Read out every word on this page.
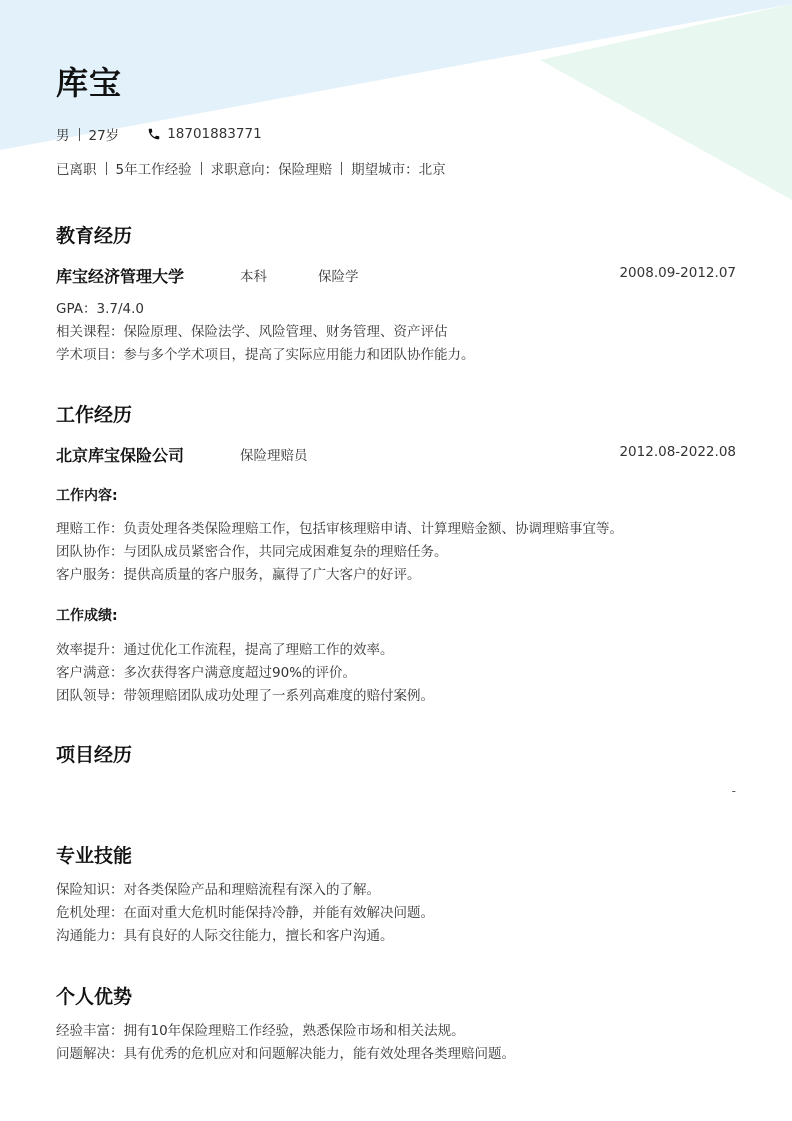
库宝
男 27岁	18701883771
已离职 5年工作经验 求职意向：保险理赔 期望城市：北京
教育经历
库宝经济管理大学	本科	保险学	2008.09-2012.07
GPA：3.7/4.0
相关课程：保险原理、保险法学、风险管理、财务管理、资产评估
学术项目：参与多个学术项目，提高了实际应用能力和团队协作能力。
工作经历
北京库宝保险公司	保险理赔员	2012.08-2022.08
工作内容:
理赔工作：负责处理各类保险理赔工作，包括审核理赔申请、计算理赔金额、协调理赔事宜等。
团队协作：与团队成员紧密合作，共同完成困难复杂的理赔任务。
客户服务：提供高质量的客户服务，赢得了广大客户的好评。
工作成绩:
效率提升：通过优化工作流程，提高了理赔工作的效率。
客户满意：多次获得客户满意度超过90%的评价。
团队领导：带领理赔团队成功处理了一系列高难度的赔付案例。
项目经历
-
专业技能
保险知识：对各类保险产品和理赔流程有深入的了解。
危机处理：在面对重大危机时能保持冷静，并能有效解决问题。
沟通能力：具有良好的人际交往能力，擅长和客户沟通。
个人优势
经验丰富：拥有10年保险理赔工作经验，熟悉保险市场和相关法规。
问题解决：具有优秀的危机应对和问题解决能力，能有效处理各类理赔问题。
